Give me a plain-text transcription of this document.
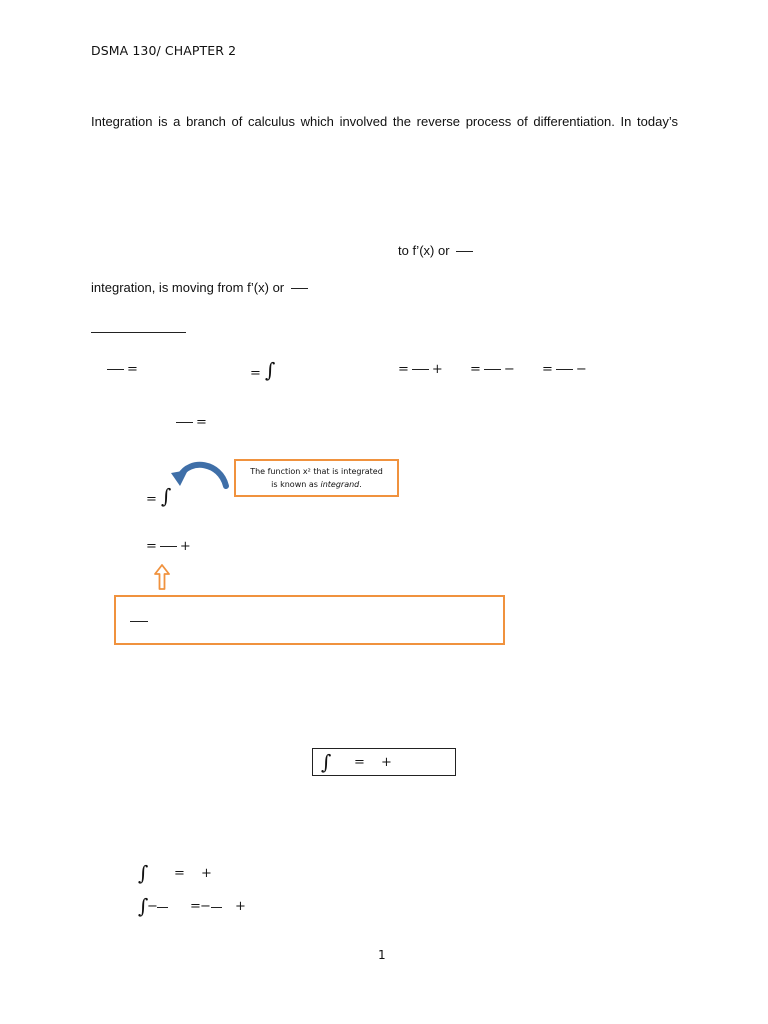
DSMA 130/ CHAPTER 2
Integration is a branch of calculus which involved the reverse process of differentiation. In today’s
to f’(x) or
integration, is moving from f’(x) or
=	= ∫	= + = − = −
=
The function x² that is integrated
is known as integrand.
= ∫
= +
∫ = +
∫ = +
∫
− = − +
1
